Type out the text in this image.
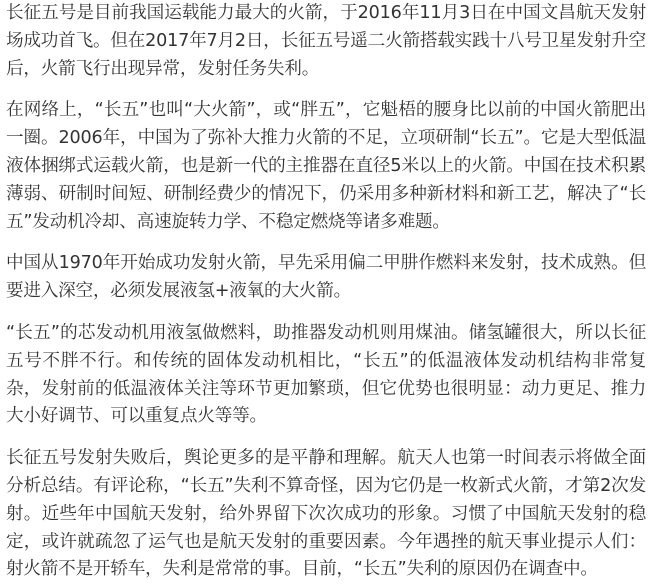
长征五号是目前我国运载能力最大的火箭，于2016年11月3日在中国文昌航天发射场成功首飞。但在2017年7月2日，长征五号遥二火箭搭载实践十八号卫星发射升空后，火箭飞行出现异常，发射任务失利。

在网络上，“长五”也叫“大火箭”，或“胖五”，它魁梧的腰身比以前的中国火箭肥出一圈。2006年，中国为了弥补大推力火箭的不足，立项研制“长五”。它是大型低温液体捆绑式运载火箭，也是新一代的主推器在直径5米以上的火箭。中国在技术积累薄弱、研制时间短、研制经费少的情况下，仍采用多种新材料和新工艺，解决了“长五”发动机冷却、高速旋转力学、不稳定燃烧等诸多难题。

中国从1970年开始成功发射火箭，早先采用偏二甲肼作燃料来发射，技术成熟。但要进入深空，必须发展液氢+液氧的大火箭。

“长五”的芯发动机用液氢做燃料，助推器发动机则用煤油。储氢罐很大，所以长征五号不胖不行。和传统的固体发动机相比，“长五”的低温液体发动机结构非常复杂，发射前的低温液体关注等环节更加繁琐，但它优势也很明显：动力更足、推力大小好调节、可以重复点火等等。

长征五号发射失败后，舆论更多的是平静和理解。航天人也第一时间表示将做全面分析总结。有评论称，“长五”失利不算奇怪，因为它仍是一枚新式火箭，才第2次发射。近些年中国航天发射，给外界留下次次成功的形象。习惯了中国航天发射的稳定，或许就疏忽了运气也是航天发射的重要因素。今年遇挫的航天事业提示人们：射火箭不是开轿车，失利是常常的事。目前，“长五”失利的原因仍在调查中。
